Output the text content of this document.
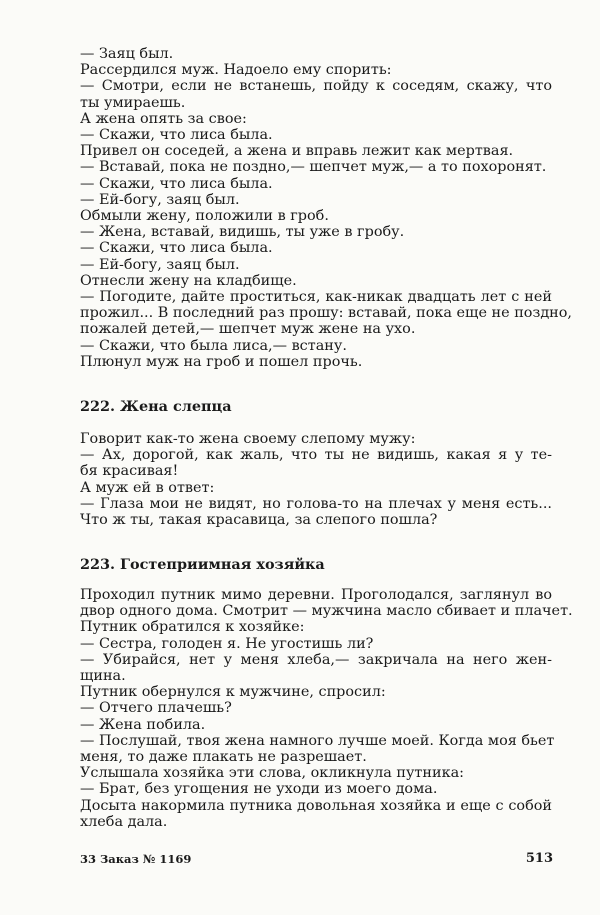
— Заяц был.
Рассердился муж. Надоело ему спорить:
— Смотри, если не встанешь, пойду к соседям, скажу, что
ты умираешь.
А жена опять за свое:
— Скажи, что лиса была.
Привел он соседей, а жена и вправь лежит как мертвая.
— Вставай, пока не поздно,— шепчет муж,— а то похоронят.
— Скажи, что лиса была.
— Ей-богу, заяц был.
Обмыли жену, положили в гроб.
— Жена, вставай, видишь, ты уже в гробу.
— Скажи, что лиса была.
— Ей-богу, заяц был.
Отнесли жену на кладбище.
— Погодите, дайте проститься, как-никак двадцать лет с ней
прожил... В последний раз прошу: вставай, пока еще не поздно,
пожалей детей,— шепчет муж жене на ухо.
— Скажи, что была лиса,— встану.
Плюнул муж на гроб и пошел прочь.
222. Жена слепца
Говорит как-то жена своему слепому мужу:
— Ах, дорогой, как жаль, что ты не видишь, какая я у те-
бя красивая!
А муж ей в ответ:
— Глаза мои не видят, но голова-то на плечах у меня есть...
Что ж ты, такая красавица, за слепого пошла?
223. Гостеприимная хозяйка
Проходил путник мимо деревни. Проголодался, заглянул во
двор одного дома. Смотрит — мужчина масло сбивает и плачет.
Путник обратился к хозяйке:
— Сестра, голоден я. Не угостишь ли?
— Убирайся, нет у меня хлеба,— закричала на него жен-
щина.
Путник обернулся к мужчине, спросил:
— Отчего плачешь?
— Жена побила.
— Послушай, твоя жена намного лучше моей. Когда моя бьет
меня, то даже плакать не разрешает.
Услышала хозяйка эти слова, окликнула путника:
— Брат, без угощения не уходи из моего дома.
Досыта накормила путника довольная хозяйка и еще с собой
хлеба дала.
33 Заказ № 1169	513
